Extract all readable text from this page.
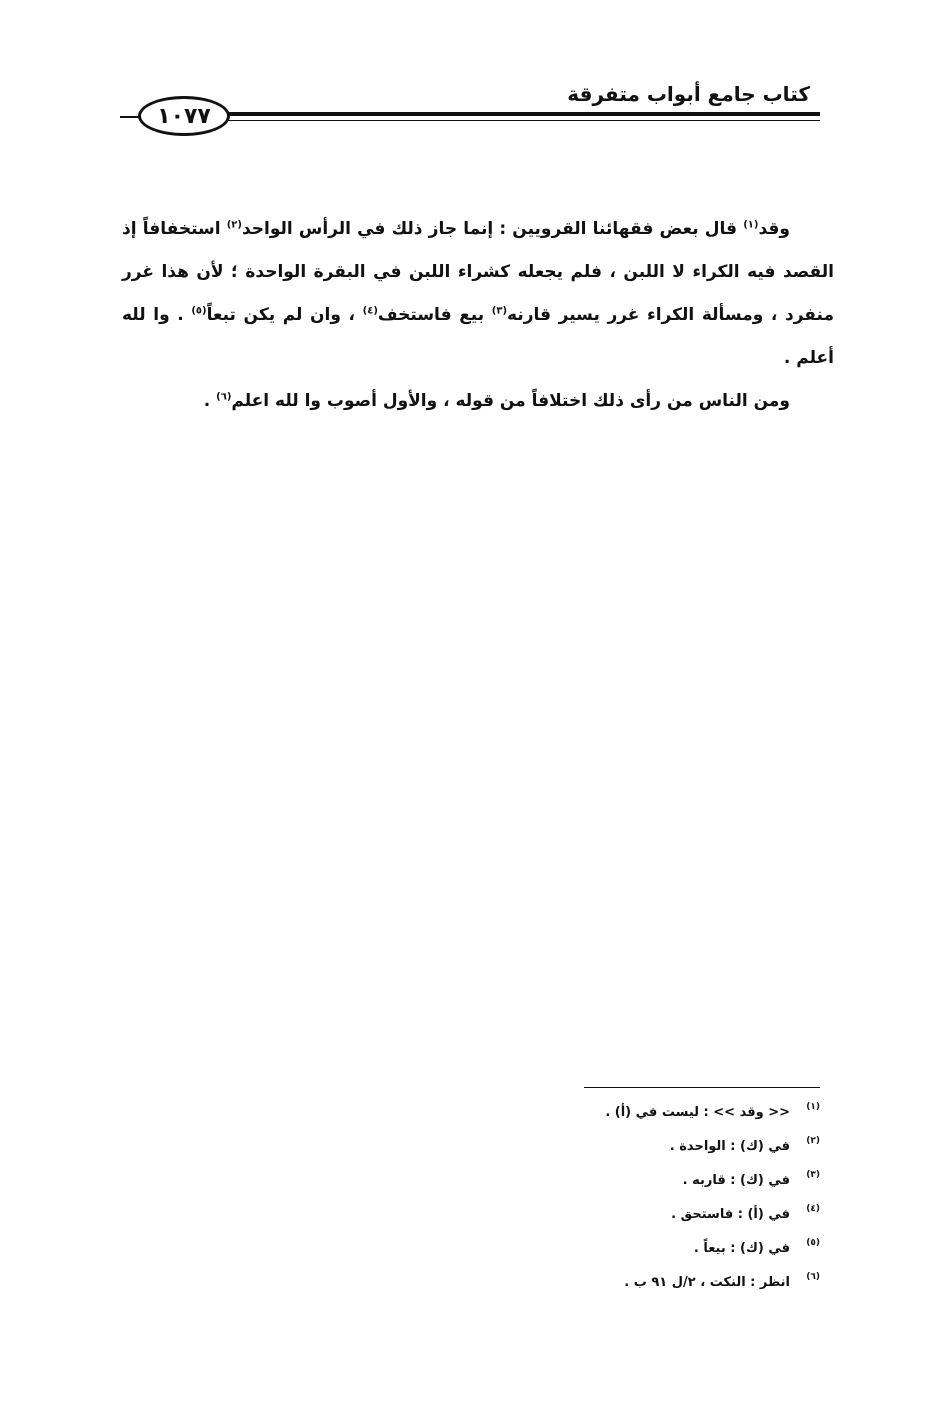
١٠٧٧
كتاب جامع أبواب متفرقة

وقد$^{(١)}$ قال بعض فقهائنا القرويين : إنما جاز ذلك في الرأس الواحد$^{(٢)}$ استخفافاً إذ القصد فيه الكراء لا اللبن ، فلم يجعله كشراء اللبن في البقرة الواحدة ؛ لأن هذا غرر منفرد ، ومسألة الكراء غرر يسير قارنه$^{(٣)}$ بيع فاستخف$^{(٤)}$ ، وان لم يكن تبعاً$^{(٥)}$ . وا لله أعلم .

ومن الناس من رأى ذلك اختلافاً من قوله ، والأول أصوب وا لله اعلم$^{(٦)}$ .

(١)<< وقد >> : ليست في (أ) .
(٢)في (ك) : الواحدة .
(٣)في (ك) : قاربه .
(٤)في (أ) : فاستحق .
(٥)في (ك) : بيعاً .
(٦)انظر : النكت ، ٢/ل ٩١ ب .
